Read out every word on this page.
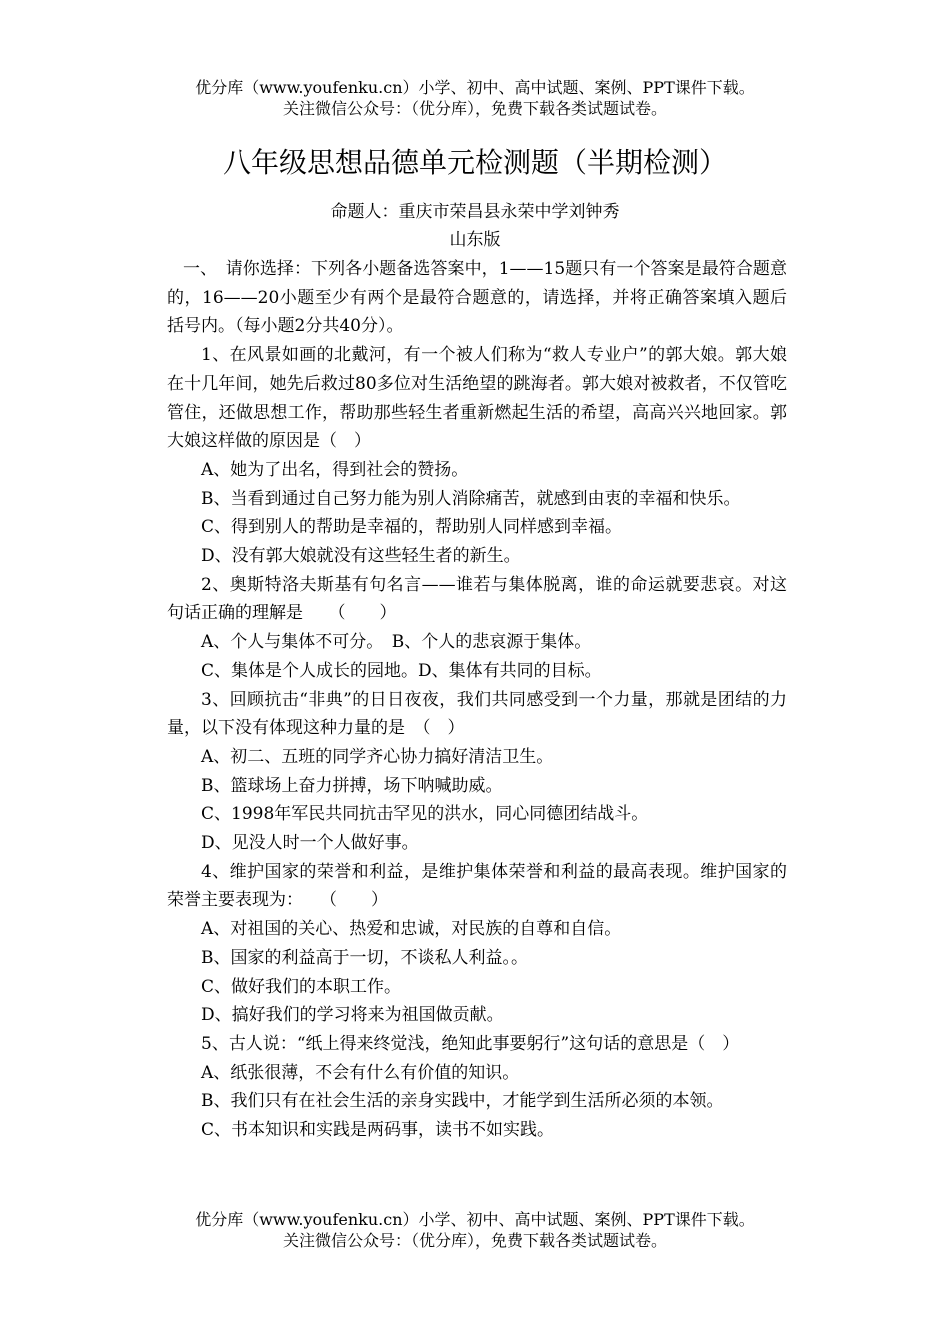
优分库（www.youfenku.cn）小学、初中、高中试题、案例、PPT课件下载。
关注微信公众号：（优分库），免费下载各类试题试卷。
八年级思想品德单元检测题（半期检测）
命题人：重庆市荣昌县永荣中学刘钟秀
山东版

一、　请你选择：下列各小题备选答案中，1——15题只有一个答案是最符合题意的，16——20小题至少有两个是最符合题意的，请选择，并将正确答案填入题后括号内。（每小题2分共40分）。

1、在风景如画的北戴河，有一个被人们称为“救人专业户”的郭大娘。郭大娘在十几年间，她先后救过80多位对生活绝望的跳海者。郭大娘对被救者，不仅管吃管住，还做思想工作，帮助那些轻生者重新燃起生活的希望，高高兴兴地回家。郭大娘这样做的原因是（　）

A、她为了出名，得到社会的赞扬。

B、当看到通过自己努力能为别人消除痛苦，就感到由衷的幸福和快乐。

C、得到别人的帮助是幸福的，帮助别人同样感到幸福。

D、没有郭大娘就没有这些轻生者的新生。

2、奥斯特洛夫斯基有句名言——谁若与集体脱离，谁的命运就要悲哀。对这句话正确的理解是　　（　　）

A、个人与集体不可分。　B、个人的悲哀源于集体。

C、集体是个人成长的园地。D、集体有共同的目标。

3、回顾抗击“非典”的日日夜夜，我们共同感受到一个力量，那就是团结的力量，以下没有体现这种力量的是　（　）

A、初二、五班的同学齐心协力搞好清洁卫生。

B、篮球场上奋力拼搏，场下呐喊助威。

C、1998年军民共同抗击罕见的洪水，同心同德团结战斗。

D、见没人时一个人做好事。

4、维护国家的荣誉和利益，是维护集体荣誉和利益的最高表现。维护国家的荣誉主要表现为：　　（　　）

A、对祖国的关心、热爱和忠诚，对民族的自尊和自信。

B、国家的利益高于一切，不谈私人利益。。

C、做好我们的本职工作。

D、搞好我们的学习将来为祖国做贡献。

5、古人说：“纸上得来终觉浅，绝知此事要躬行”这句话的意思是（　）

A、纸张很薄，不会有什么有价值的知识。

B、我们只有在社会生活的亲身实践中，才能学到生活所必须的本领。

C、书本知识和实践是两码事，读书不如实践。

优分库（www.youfenku.cn）小学、初中、高中试题、案例、PPT课件下载。
关注微信公众号：（优分库），免费下载各类试题试卷。
